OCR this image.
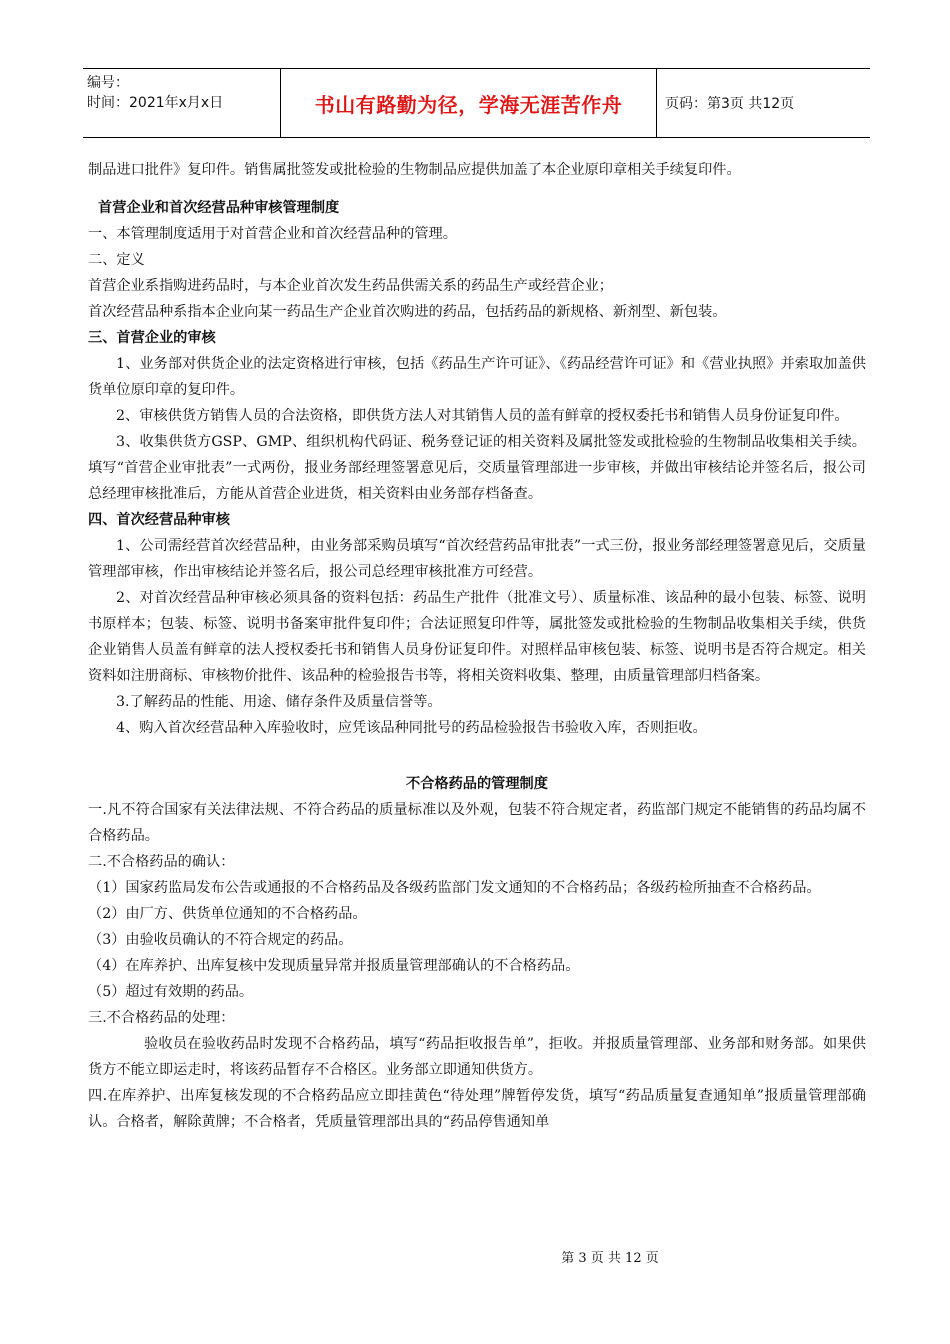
编号：
时间：2021年x月x日	书山有路勤为径，学海无涯苦作舟	页码：第3页 共12页

制品进口批件》复印件。销售属批签发或批检验的生物制品应提供加盖了本企业原印章相关手续复印件。

首营企业和首次经营品种审核管理制度

一、本管理制度适用于对首营企业和首次经营品种的管理。

二、定义

首营企业系指购进药品时，与本企业首次发生药品供需关系的药品生产或经营企业；

首次经营品种系指本企业向某一药品生产企业首次购进的药品，包括药品的新规格、新剂型、新包装。

三、首营企业的审核

1、业务部对供货企业的法定资格进行审核，包括《药品生产许可证》、《药品经营许可证》和《营业执照》并索取加盖供货单位原印章的复印件。

2、审核供货方销售人员的合法资格，即供货方法人对其销售人员的盖有鲜章的授权委托书和销售人员身份证复印件。

3、收集供货方GSP、GMP、组织机构代码证、税务登记证的相关资料及属批签发或批检验的生物制品收集相关手续。填写“首营企业审批表”一式两份，报业务部经理签署意见后，交质量管理部进一步审核，并做出审核结论并签名后，报公司总经理审核批准后，方能从首营企业进货，相关资料由业务部存档备查。

四、首次经营品种审核

1、公司需经营首次经营品种，由业务部采购员填写“首次经营药品审批表”一式三份，报业务部经理签署意见后，交质量管理部审核，作出审核结论并签名后，报公司总经理审核批准方可经营。

2、对首次经营品种审核必须具备的资料包括：药品生产批件（批准文号）、质量标准、该品种的最小包装、标签、说明书原样本；包装、标签、说明书备案审批件复印件；合法证照复印件等，属批签发或批检验的生物制品收集相关手续，供货企业销售人员盖有鲜章的法人授权委托书和销售人员身份证复印件。对照样品审核包装、标签、说明书是否符合规定。相关资料如注册商标、审核物价批件、该品种的检验报告书等，将相关资料收集、整理，由质量管理部归档备案。

3.了解药品的性能、用途、储存条件及质量信誉等。

4、购入首次经营品种入库验收时，应凭该品种同批号的药品检验报告书验收入库，否则拒收。

不合格药品的管理制度

一.凡不符合国家有关法律法规、不符合药品的质量标准以及外观，包装不符合规定者，药监部门规定不能销售的药品均属不合格药品。

二.不合格药品的确认：

（1）国家药监局发布公告或通报的不合格药品及各级药监部门发文通知的不合格药品；各级药检所抽查不合格药品。

（2）由厂方、供货单位通知的不合格药品。

（3）由验收员确认的不符合规定的药品。

（4）在库养护、出库复核中发现质量异常并报质量管理部确认的不合格药品。

（5）超过有效期的药品。

三.不合格药品的处理：

验收员在验收药品时发现不合格药品，填写“药品拒收报告单”，拒收。并报质量管理部、业务部和财务部。如果供货方不能立即运走时，将该药品暂存不合格区。业务部立即通知供货方。

四.在库养护、出库复核发现的不合格药品应立即挂黄色“待处理”牌暂停发货，填写“药品质量复查通知单”报质量管理部确认。合格者，解除黄牌；不合格者，凭质量管理部出具的“药品停售通知单

第 3 页 共 12 页
